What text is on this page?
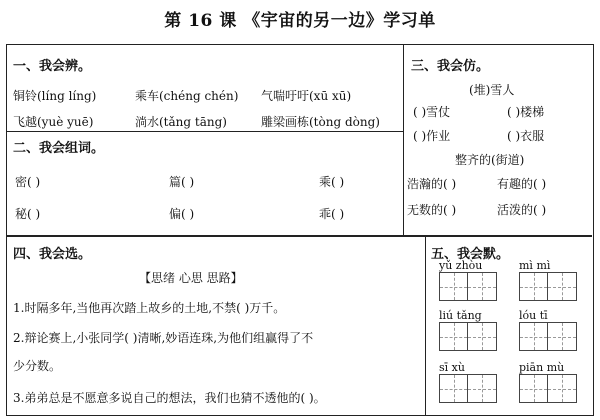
第 16 课 《宇宙的另一边》学习单
一、我会辨。
铜铃(líng líng)	乘车(chéng chén) 气喘吁吁(xū xū)
飞越(yuè yuē)	淌水(tǎng tāng)	雕梁画栋(tòng dòng)
二、我会组词。
密( )	篇( )	乘( )
秘( )	偏( )	乖( )
三、我会仿。
(堆)雪人
( )雪仗	( )楼梯
( )作业	( )衣服
整齐的(街道)
浩瀚的( )	有趣的( )
无数的( )	活泼的( )
四、我会选。
【思绪 心思 思路】
1.时隔多年,当他再次踏上故乡的土地,不禁( )万千。
2.辩论赛上,小张同学( )清晰,妙语连珠,为他们组赢得了不
少分数。
3.弟弟总是不愿意多说自己的想法，我们也猜不透他的( )。
五、我会默。
yǔ zhòu	mì mì
liú tǎng	lóu tī
sī xù	piān mù
